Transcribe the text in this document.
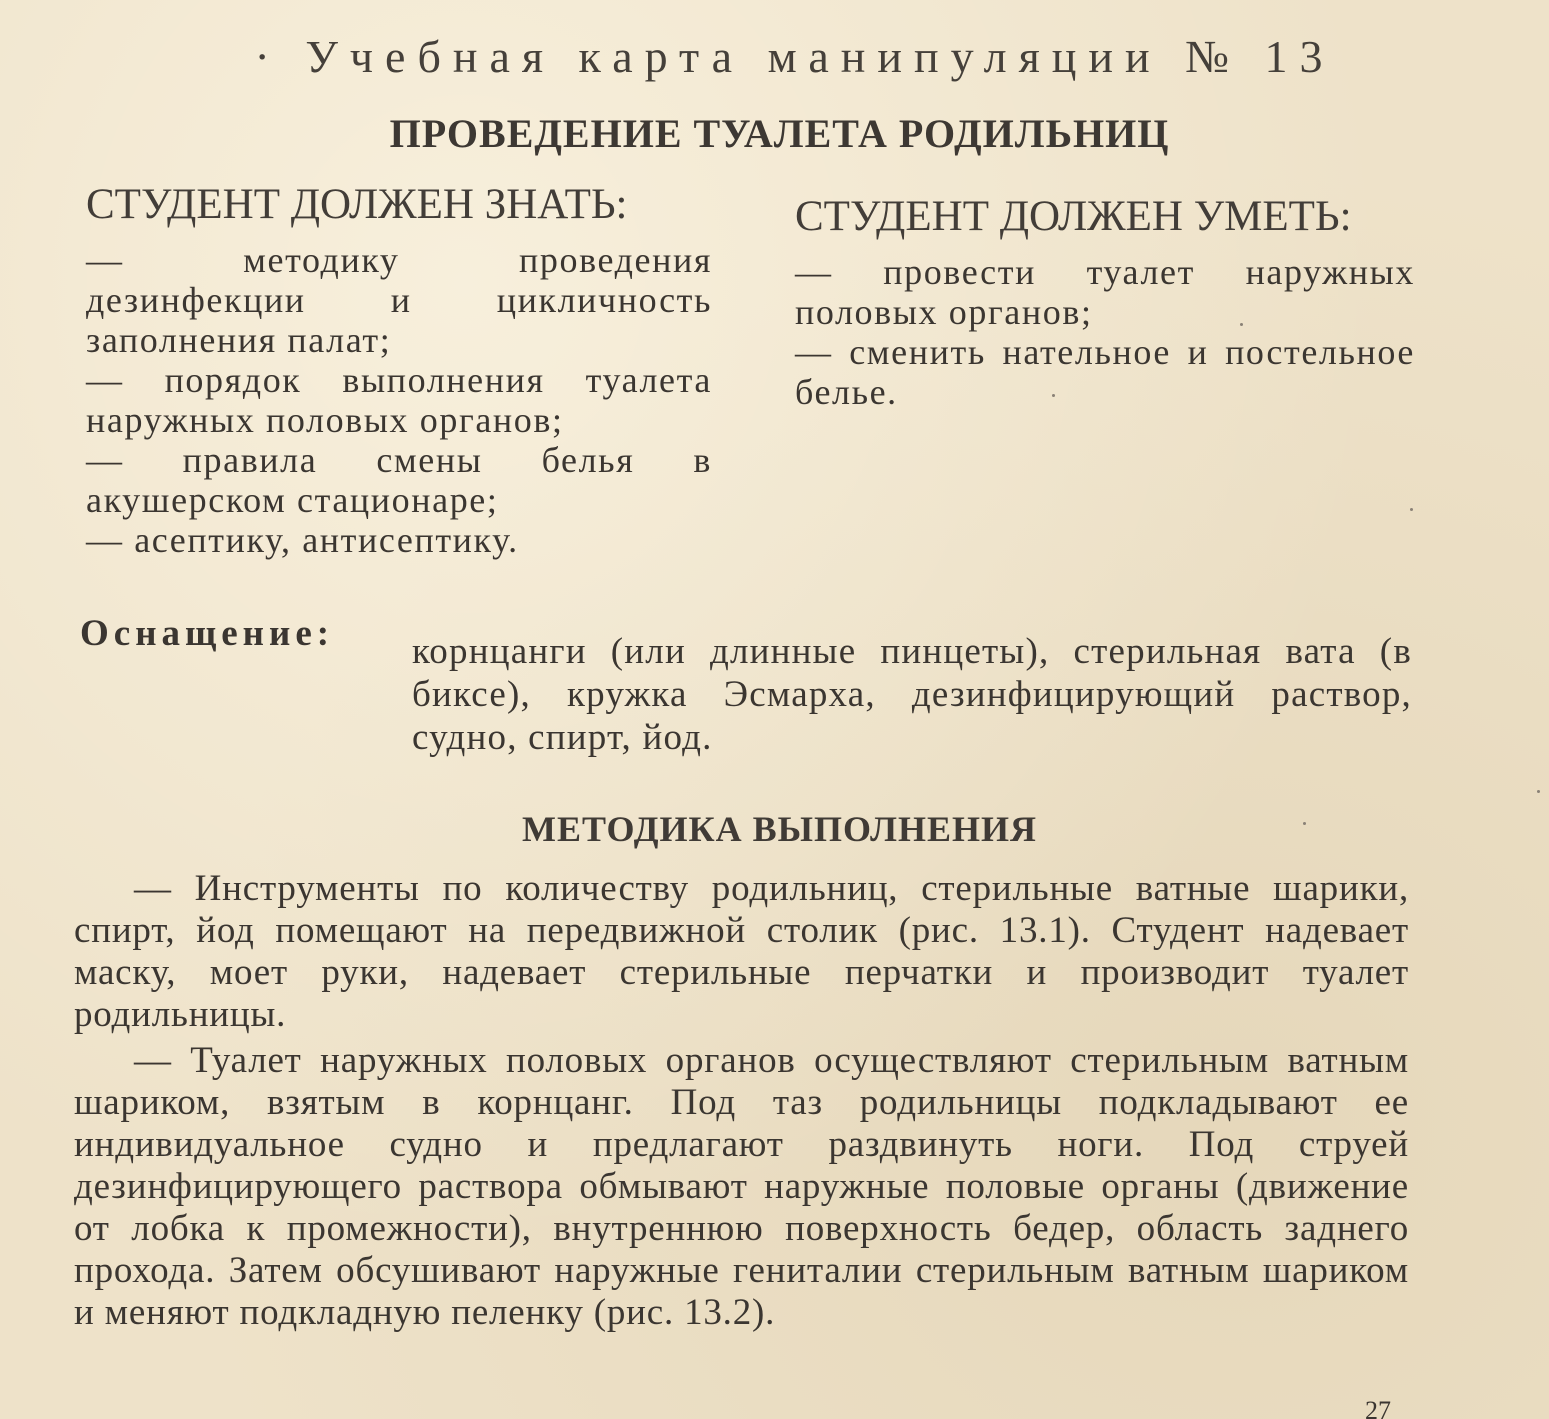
· Учебная карта манипуляции № 13
ПРОВЕДЕНИЕ ТУАЛЕТА РОДИЛЬНИЦ
СТУДЕНТ ДОЛЖЕН ЗНАТЬ:

— методику проведения дезинфекции и цикличность заполнения палат;

— порядок выполнения туалета наружных половых органов;

— правила смены белья в акушерском стационаре;

— асептику, антисептику.

СТУДЕНТ ДОЛЖЕН УМЕТЬ:

— провести туалет наружных половых органов;

— сменить нательное и постельное белье.

Оснащение: корнцанги (или длинные пинцеты), стерильная вата (в биксе), кружка Эсмарха, дезинфицирующий раствор, судно, спирт, йод.
МЕТОДИКА ВЫПОЛНЕНИЯ

— Инструменты по количеству родильниц, стерильные ватные шарики, спирт, йод помещают на передвижной столик (рис. 13.1). Студент надевает маску, моет руки, надевает стерильные перчатки и производит туалет родильницы.

— Туалет наружных половых органов осуществляют стерильным ватным шариком, взятым в корнцанг. Под таз родильницы подкладывают ее индивидуальное судно и предлагают раздвинуть ноги. Под струей дезинфицирующего раствора обмывают наружные половые органы (движение от лобка к промежности), внутреннюю поверхность бедер, область заднего прохода. Затем обсушивают наружные гениталии стерильным ватным шариком и меняют подкладную пеленку (рис. 13.2).

27
